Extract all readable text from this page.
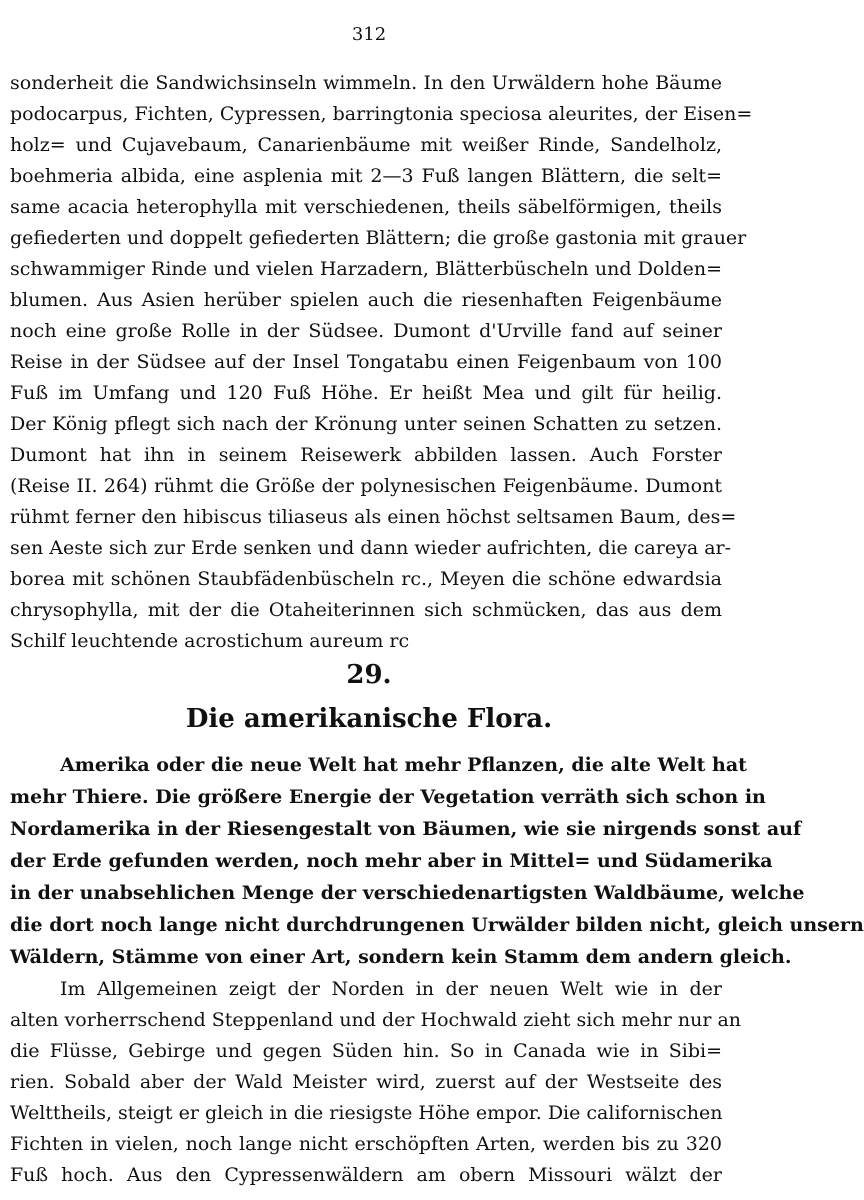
312
sonderheit die Sandwichsinseln wimmeln. In den Urwäldern hohe Bäume
podocarpus, Fichten, Cypressen, barringtonia speciosa aleurites, der Eisen=
holz= und Cujavebaum, Canarienbäume mit weißer Rinde, Sandelholz,
boehmeria albida, eine asplenia mit 2—3 Fuß langen Blättern, die selt=
same acacia heterophylla mit verschiedenen, theils säbelförmigen, theils
gefiederten und doppelt gefiederten Blättern; die große gastonia mit grauer
schwammiger Rinde und vielen Harzadern, Blätterbüscheln und Dolden=
blumen. Aus Asien herüber spielen auch die riesenhaften Feigenbäume
noch eine große Rolle in der Südsee. Dumont d'Urville fand auf seiner
Reise in der Südsee auf der Insel Tongatabu einen Feigenbaum von 100
Fuß im Umfang und 120 Fuß Höhe. Er heißt Mea und gilt für heilig.
Der König pflegt sich nach der Krönung unter seinen Schatten zu setzen.
Dumont hat ihn in seinem Reisewerk abbilden lassen. Auch Forster
(Reise II. 264) rühmt die Größe der polynesischen Feigenbäume. Dumont
rühmt ferner den hibiscus tiliaseus als einen höchst seltsamen Baum, des=
sen Aeste sich zur Erde senken und dann wieder aufrichten, die careya ar-
borea mit schönen Staubfädenbüscheln rc., Meyen die schöne edwardsia
chrysophylla, mit der die Otaheiterinnen sich schmücken, das aus dem
Schilf leuchtende acrostichum aureum rc
29.
Die amerikanische Flora.
Amerika oder die neue Welt hat mehr Pflanzen, die alte Welt hat
mehr Thiere. Die größere Energie der Vegetation verräth sich schon in
Nordamerika in der Riesengestalt von Bäumen, wie sie nirgends sonst auf
der Erde gefunden werden, noch mehr aber in Mittel= und Südamerika
in der unabsehlichen Menge der verschiedenartigsten Waldbäume, welche
die dort noch lange nicht durchdrungenen Urwälder bilden nicht, gleich unsern
Wäldern, Stämme von einer Art, sondern kein Stamm dem andern gleich.
Im Allgemeinen zeigt der Norden in der neuen Welt wie in der
alten vorherrschend Steppenland und der Hochwald zieht sich mehr nur an
die Flüsse, Gebirge und gegen Süden hin. So in Canada wie in Sibi=
rien. Sobald aber der Wald Meister wird, zuerst auf der Westseite des
Welttheils, steigt er gleich in die riesigste Höhe empor. Die californischen
Fichten in vielen, noch lange nicht erschöpften Arten, werden bis zu 320
Fuß hoch. Aus den Cypressenwäldern am obern Missouri wälzt der
